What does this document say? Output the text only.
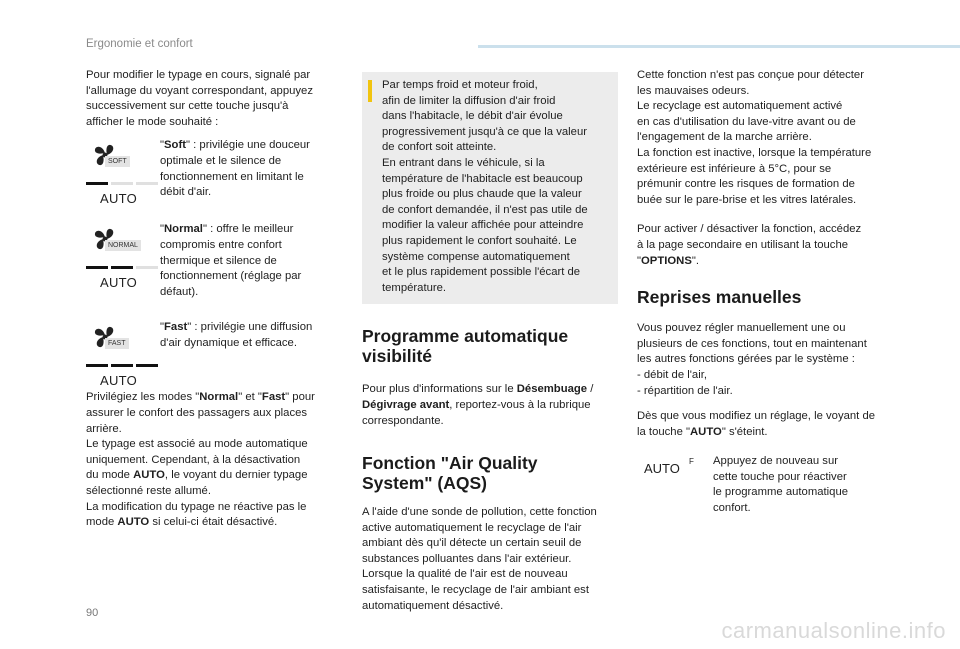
Ergonomie et confort

Pour modifier le typage en cours, signalé par
l'allumage du voyant correspondant, appuyez
successivement sur cette touche jusqu'à
afficher le mode souhaité :

SOFT
AUTO

"Soft" : privilégie une douceur
optimale et le silence de
fonctionnement en limitant le
débit d'air.

NORMAL
AUTO

"Normal" : offre le meilleur
compromis entre confort
thermique et silence de
fonctionnement (réglage par
défaut).

FAST
AUTO

"Fast" : privilégie une diffusion
d'air dynamique et efficace.

Privilégiez les modes "Normal" et "Fast" pour
assurer le confort des passagers aux places
arrière.
Le typage est associé au mode automatique
uniquement. Cependant, à la désactivation
du mode AUTO, le voyant du dernier typage
sélectionné reste allumé.
La modification du typage ne réactive pas le
mode AUTO si celui-ci était désactivé.

Par temps froid et moteur froid,
afin de limiter la diffusion d'air froid
dans l'habitacle, le débit d'air évolue
progressivement jusqu'à ce que la valeur
de confort soit atteinte.
En entrant dans le véhicule, si la
température de l'habitacle est beaucoup
plus froide ou plus chaude que la valeur
de confort demandée, il n'est pas utile de
modifier la valeur affichée pour atteindre
plus rapidement le confort souhaité. Le
système compense automatiquement
et le plus rapidement possible l'écart de
température.

Programme automatique
visibilité

Pour plus d'informations sur le Désembuage /
Dégivrage avant, reportez-vous à la rubrique
correspondante.

Fonction "Air Quality
System" (AQS)

A l'aide d'une sonde de pollution, cette fonction
active automatiquement le recyclage de l'air
ambiant dès qu'il détecte un certain seuil de
substances polluantes dans l'air extérieur.
Lorsque la qualité de l'air est de nouveau
satisfaisante, le recyclage de l'air ambiant est
automatiquement désactivé.

Cette fonction n'est pas conçue pour détecter
les mauvaises odeurs.
Le recyclage est automatiquement activé
en cas d'utilisation du lave-vitre avant ou de
l'engagement de la marche arrière.
La fonction est inactive, lorsque la température
extérieure est inférieure à 5°C, pour se
prémunir contre les risques de formation de
buée sur le pare-brise et les vitres latérales.

Pour activer / désactiver la fonction, accédez
à la page secondaire en utilisant la touche
"OPTIONS".

Reprises manuelles

Vous pouvez régler manuellement une ou
plusieurs de ces fonctions, tout en maintenant
les autres fonctions gérées par le système :
- débit de l'air,
- répartition de l'air.

Dès que vous modifiez un réglage, le voyant de
la touche "AUTO" s'éteint.

AUTO F Appuyez de nouveau sur
cette touche pour réactiver
le programme automatique
confort.

90
carmanualsonline.info
